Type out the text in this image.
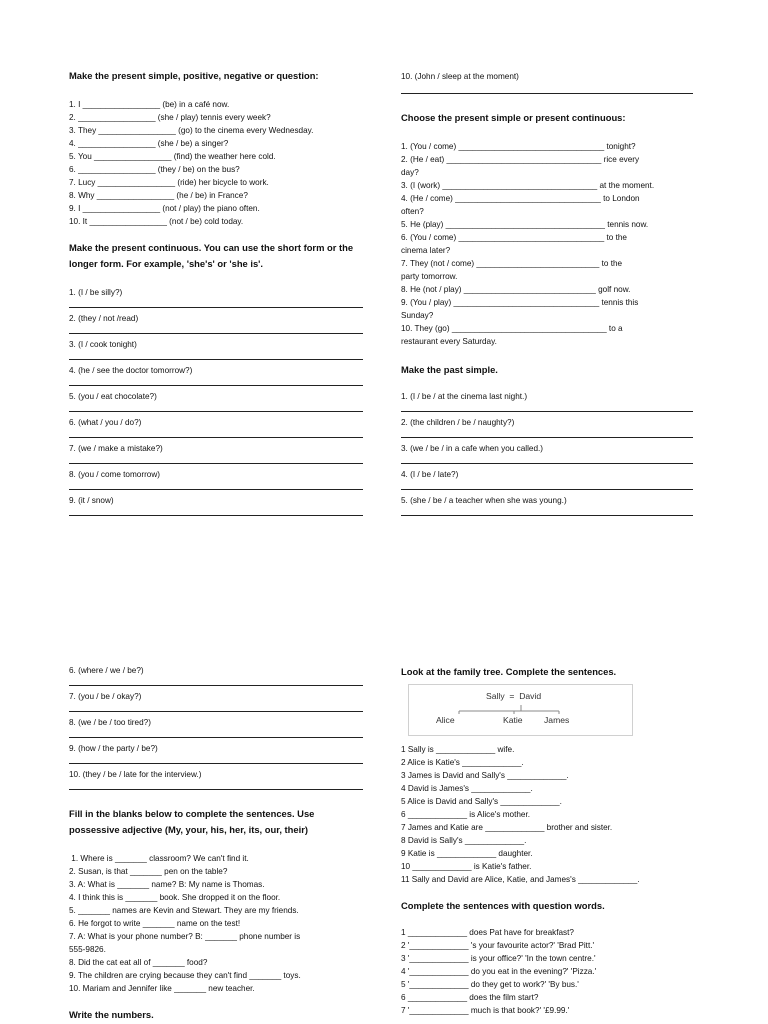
Make the present simple, positive, negative or question:

1. I _________________ (be) in a café now.

2. _________________ (she / play) tennis every week?

3. They _________________ (go) to the cinema every Wednesday.

4. _________________ (she / be) a singer?

5. You _________________ (find) the weather here cold.

6. _________________ (they / be) on the bus?

7. Lucy _________________ (ride) her bicycle to work.

8. Why _________________ (he / be) in France?

9. I _________________ (not / play) the piano often.

10. It _________________ (not / be) cold today.

Make the present continuous. You can use the short form or the longer form. For example, 'she's' or 'she is'.

1. (I / be silly?)

2. (they / not /read)

3. (I / cook tonight)

4. (he / see the doctor tomorrow?)

5. (you / eat chocolate?)

6. (what / you / do?)

7. (we / make a mistake?)

8. (you / come tomorrow)

9. (it / snow)

10. (John / sleep at the moment)

Choose the present simple or present continuous:

1. (You / come) ________________________________ tonight?

2. (He / eat) __________________________________ rice every
day?

3. (I (work) __________________________________ at the moment.

4. (He / come) ________________________________ to London
often?

5. He (play) ___________________________________ tennis now.

6. (You / come) ________________________________ to the
cinema later?

7. They (not / come) ___________________________ to the
party tomorrow.

8. He (not / play) _____________________________ golf now.

9. (You / play) ________________________________ tennis this
Sunday?

10. They (go) __________________________________ to a
restaurant every Saturday.

Make the past simple.

1. (I / be / at the cinema last night.)

2. (the children / be / naughty?)

3. (we / be / in a cafe when you called.)

4. (I / be / late?)

5. (she / be / a teacher when she was young.)

6. (where / we / be?)

7. (you / be / okay?)

8. (we / be / too tired?)

9. (how / the party / be?)

10. (they / be / late for the interview.)

Fill in the blanks below to complete the sentences. Use possessive adjective (My, your, his, her, its, our, their)

1. Where is _______ classroom? We can't find it.

2. Susan, is that _______ pen on the table?

3. A: What is _______ name? B: My name is Thomas.

4. I think this is _______ book. She dropped it on the floor.

5. _______ names are Kevin and Stewart. They are my friends.

6. He forgot to write _______ name on the test!

7. A: What is your phone number? B: _______ phone number is
555-9826.

8. Did the cat eat all of _______ food?

9. The children are crying because they can't find _______ toys.

10. Mariam and Jennifer like _______ new teacher.

Write the numbers.

Look at the family tree. Complete the sentences.

Sally  =  David
Alice	Katie James

1 Sally is _____________ wife.

2 Alice is Katie's _____________.

3 James is David and Sally's _____________.

4 David is James's _____________.

5 Alice is David and Sally's _____________.

6 _____________ is Alice's mother.

7 James and Katie are _____________ brother and sister.

8 David is Sally's _____________.

9 Katie is _____________ daughter.

10 _____________ is Katie's father.

11 Sally and David are Alice, Katie, and James's _____________.

Complete the sentences with question words.

1 _____________ does Pat have for breakfast?

2 '_____________ 's your favourite actor?' 'Brad Pitt.'

3 '_____________ is your office?' 'In the town centre.'

4 '_____________ do you eat in the evening?' 'Pizza.'

5 '_____________ do they get to work?' 'By bus.'

6 _____________ does the film start?

7 '_____________ much is that book?' '£9.99.'
